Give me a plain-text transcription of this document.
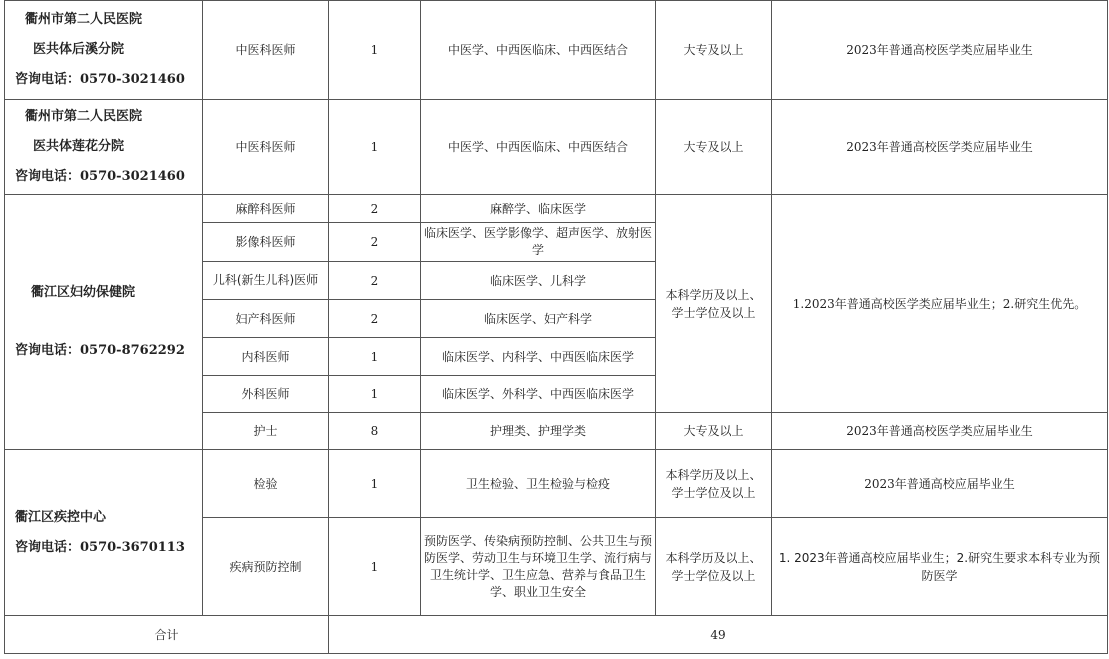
衢州市第二人民医院
医共体后溪分院
咨询电话：0570-3021460	中医科医师	1	中医学、中西医临床、中西医结合	大专及以上	2023年普通高校医学类应届毕业生

衢州市第二人民医院
医共体莲花分院
咨询电话：0570-3021460	中医科医师	1	中医学、中西医临床、中西医结合	大专及以上	2023年普通高校医学类应届毕业生

衢江区妇幼保健院
咨询电话：0570-8762292	麻醉科医师	2	麻醉学、临床医学	本科学历及以上、 学士学位及以上	1.2023年普通高校医学类应届毕业生；2.研究生优先。
	影像科医师	2	临床医学、医学影像学、超声医学、放射医学		
	儿科(新生儿科)医师	2	临床医学、儿科学		
	妇产科医师	2	临床医学、妇产科学		
	内科医师	1	临床医学、内科学、中西医临床医学		
	外科医师	1	临床医学、外科学、中西医临床医学		
	护士	8	护理类、护理学类	大专及以上	2023年普通高校医学类应届毕业生

衢江区疾控中心
咨询电话：0570-3670113	检验	1	卫生检验、卫生检验与检疫	本科学历及以上、 学士学位及以上	2023年普通高校应届毕业生
	疾病预防控制	1	预防医学、传染病预防控制、公共卫生与预防医学、劳动卫生与环境卫生学、流行病与卫生统计学、卫生应急、营养与食品卫生学、职业卫生安全	本科学历及以上、 学士学位及以上	1. 2023年普通高校应届毕业生；2.研究生要求本科专业为预防医学
合计		49			
